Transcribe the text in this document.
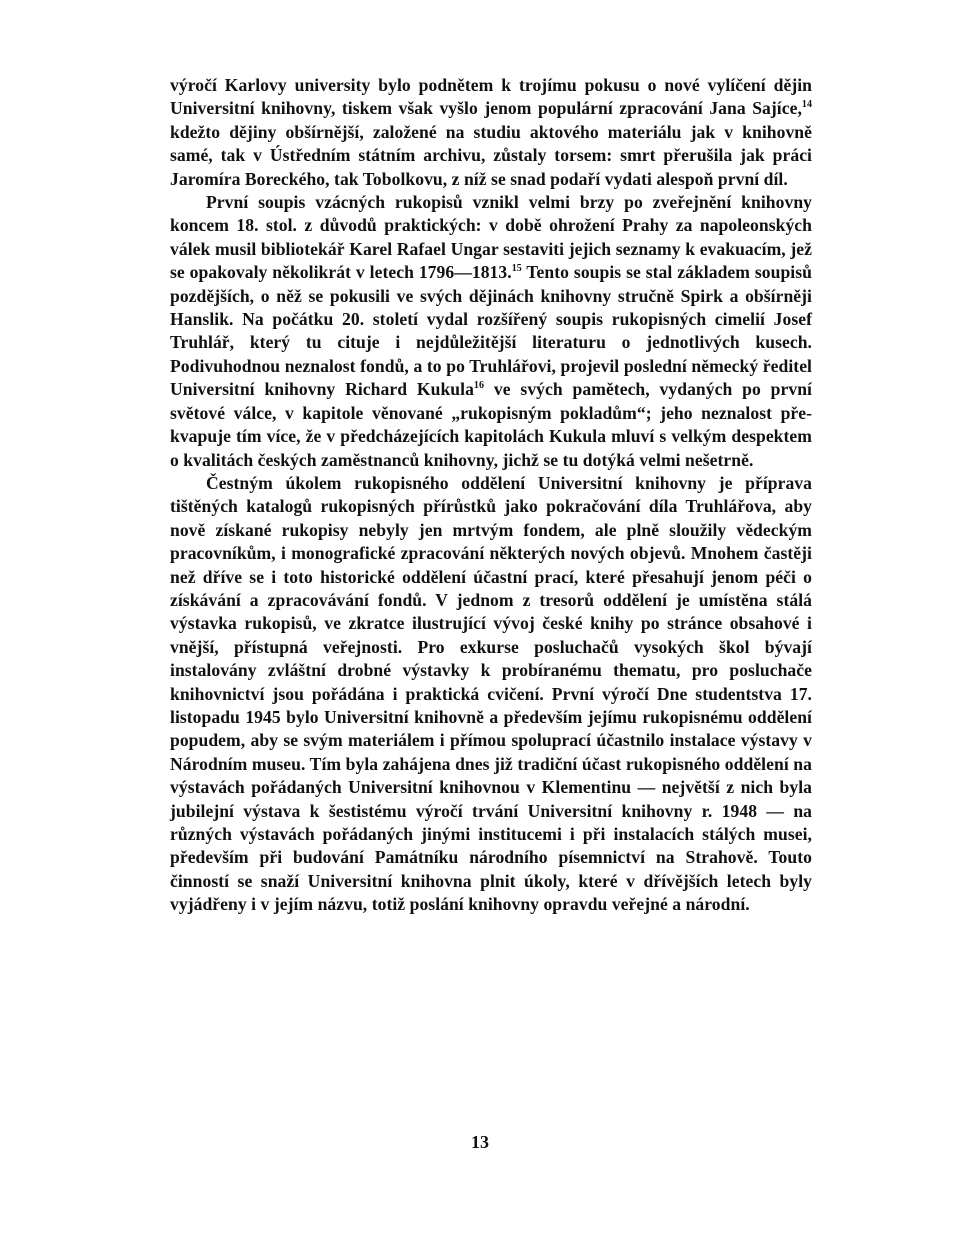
výročí Karlovy university bylo podnětem k trojímu pokusu o nové vylíčení dějin Universitní knihovny, tiskem však vyšlo jenom populární zpracování Jana Sajíce,$^{14}$ kdežto dějiny obšírnější, založené na studiu aktového materiálu jak v knihovně samé, tak v Ústředním státním archivu, zůstaly torsem: smrt přerušila jak práci Jaromíra Boreckého, tak Tobolkovu, z níž se snad podaří vydati alespoň první díl.

První soupis vzácných rukopisů vznikl velmi brzy po zveřejnění knihovny koncem 18. stol. z důvodů praktických: v době ohrožení Prahy za napoleonských válek musil bibliotekář Karel Rafael Ungar sestaviti jejich seznamy k evakuacím, jež se opakovaly několikrát v letech 1796—1813.15 Tento soupis se stal základem soupisů pozdějších, o něž se pokusili ve svých dějinách knihovny stručně Spirk a obšírněji Hanslik. Na počátku 20. století vydal rozšířený soupis rukopisných cimelií Josef Truhlář, který tu cituje i nejdůležitější literaturu o jednotlivých kusech. Podivuhodnou neznalost fondů, a to po Truhlářovi, projevil poslední německý ředitel Universitní knihovny Richard Kukula$^{16}$ ve svých pamětech, vydaných po první světové válce, v kapitole věnované „rukopisným pokladům“; jeho neznalost překvapuje tím více, že v předcházejících kapitolách Kukula mluví s velkým despektem o kvalitách českých zaměstnanců knihovny, jichž se tu dotýká velmi nešetrně.

Čestným úkolem rukopisného oddělení Universitní knihovny je příprava tištěných katalogů rukopisných přírůstků jako pokračování díla Truhlářova, aby nově získané rukopisy nebyly jen mrtvým fondem, ale plně sloužily vědeckým pracovníkům, i monografické zpracování některých nových objevů. Mnohem častěji než dříve se i toto historické oddělení účastní prací, které přesahují jenom péči o získávání a zpracovávání fondů. V jednom z tresorů oddělení je umístěna stálá výstavka rukopisů, ve zkratce ilustrující vývoj české knihy po stránce obsahové i vnější, přístupná veřejnosti. Pro exkurse posluchačů vysokých škol bývají instalovány zvláštní drobné výstavky k probíranému thematu, pro posluchače knihovnictví jsou pořádána i praktická cvičení. První výročí Dne studentstva 17. listopadu 1945 bylo Universitní knihovně a především jejímu rukopisnému oddělení popudem, aby se svým materiálem i přímou spoluprací účastnilo instalace výstavy v Národním museu. Tím byla zahájena dnes již tradiční účast rukopisného oddělení na výstavách pořádaných Universitní knihovnou v Klementinu — největší z nich byla jubilejní výstava k šestistému výročí trvání Universitní knihovny r. 1948 — na různých výstavách pořádaných jinými institucemi i při instalacích stálých musei, především při budování Památníku národního písemnictví na Strahově. Touto činností se snaží Universitní knihovna plnit úkoly, které v dřívějších letech byly vyjádřeny i v jejím názvu, totiž poslání knihovny opravdu veřejné a národní.

13
